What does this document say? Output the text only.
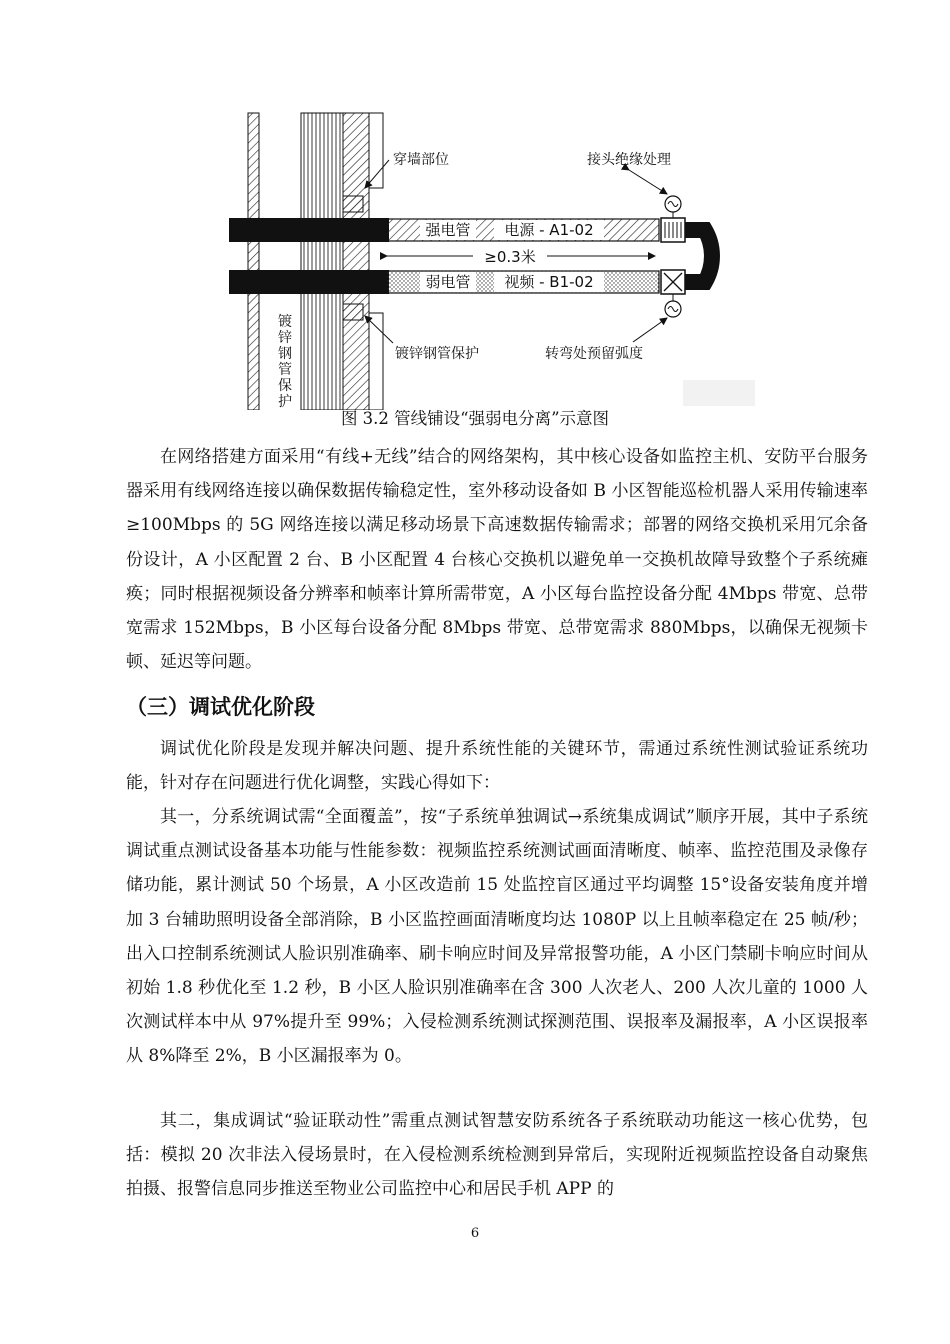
镀
锌
钢
管
保
护
强电管 电源 - A1-02
弱电管 视频 - B1-02
≥0.3米
穿墙部位	接头绝缘处理
镀锌钢管保护	转弯处预留弧度
图 3.2 管线铺设“强弱电分离”示意图

在网络搭建方面采用“有线+无线”结合的网络架构，其中核心设备如监控主机、安防平台服务器采用有线网络连接以确保数据传输稳定性，室外移动设备如 B 小区智能巡检机器人采用传输速率≥100Mbps 的 5G 网络连接以满足移动场景下高速数据传输需求；部署的网络交换机采用冗余备份设计，A 小区配置 2 台、B 小区配置 4 台核心交换机以避免单一交换机故障导致整个子系统瘫痪；同时根据视频设备分辨率和帧率计算所需带宽，A 小区每台监控设备分配 4Mbps 带宽、总带宽需求 152Mbps，B 小区每台设备分配 8Mbps 带宽、总带宽需求 880Mbps，以确保无视频卡顿、延迟等问题。

（三）调试优化阶段

调试优化阶段是发现并解决问题、提升系统性能的关键环节，需通过系统性测试验证系统功能，针对存在问题进行优化调整，实践心得如下：

其一，分系统调试需“全面覆盖”，按“子系统单独调试→系统集成调试”顺序开展，其中子系统调试重点测试设备基本功能与性能参数：视频监控系统测试画面清晰度、帧率、监控范围及录像存储功能，累计测试 50 个场景，A 小区改造前 15 处监控盲区通过平均调整 15°设备安装角度并增加 3 台辅助照明设备全部消除，B 小区监控画面清晰度均达 1080P 以上且帧率稳定在 25 帧/秒；出入口控制系统测试人脸识别准确率、刷卡响应时间及异常报警功能，A 小区门禁刷卡响应时间从初始 1.8 秒优化至 1.2 秒，B 小区人脸识别准确率在含 300 人次老人、200 人次儿童的 1000 人次测试样本中从 97%提升至 99%；入侵检测系统测试探测范围、误报率及漏报率，A 小区误报率从 8%降至 2%，B 小区漏报率为 0。

其二，集成调试“验证联动性”需重点测试智慧安防系统各子系统联动功能这一核心优势，包括：模拟 20 次非法入侵场景时，在入侵检测系统检测到异常后，实现附近视频监控设备自动聚焦拍摄、报警信息同步推送至物业公司监控中心和居民手机 APP 的

6
